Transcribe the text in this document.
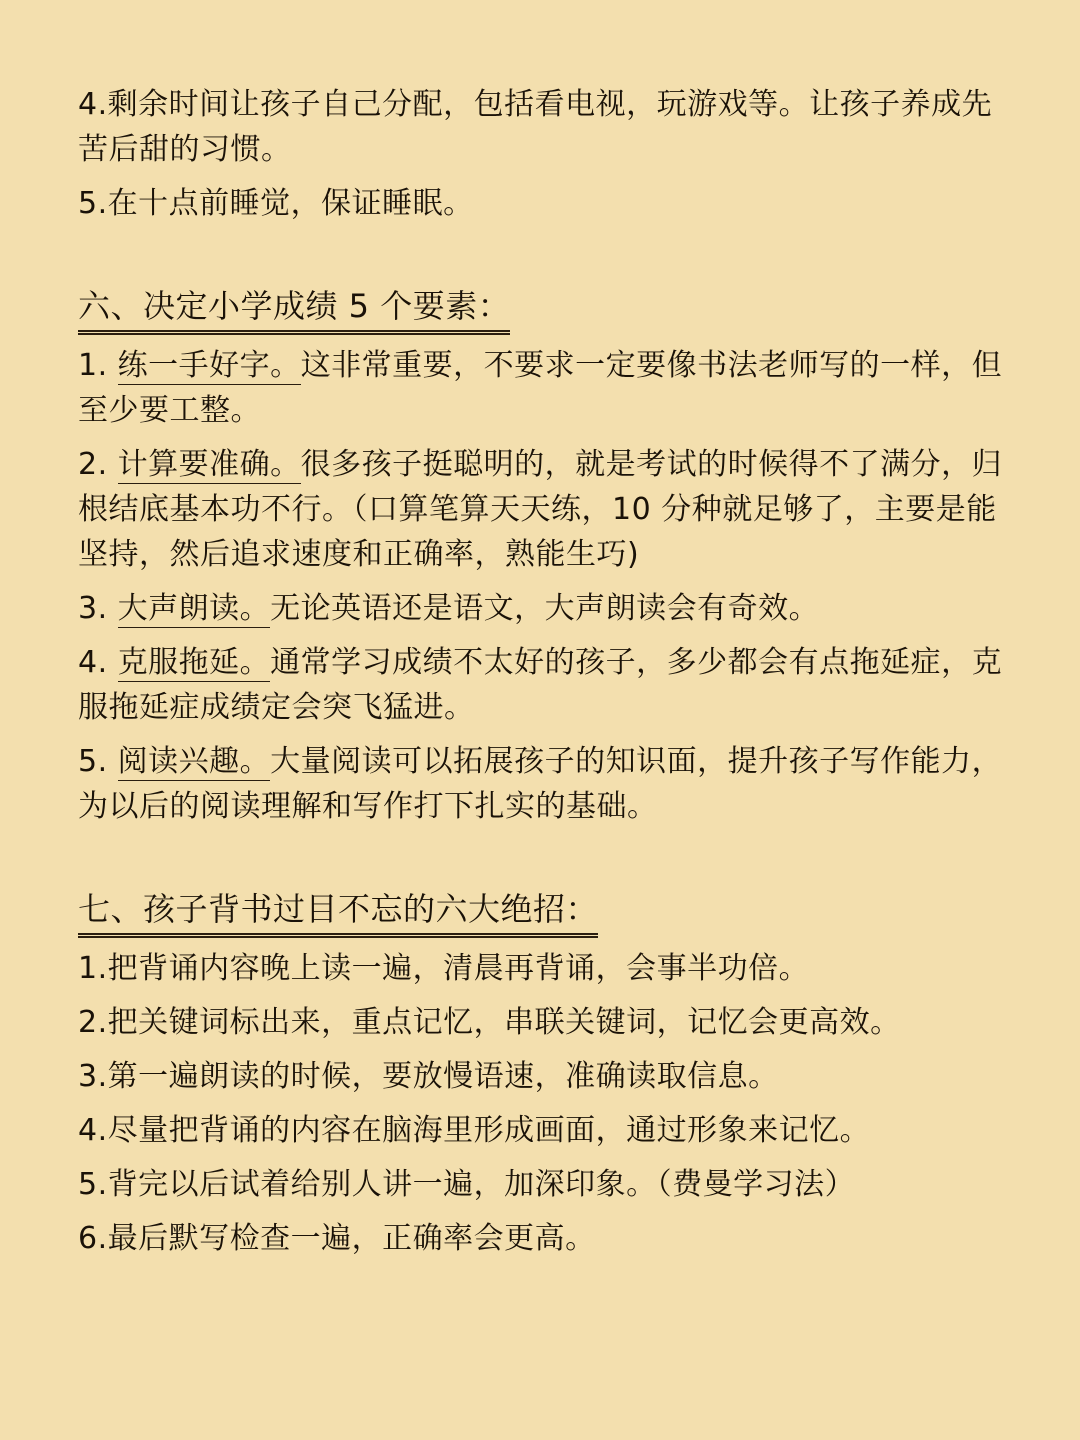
4.剩余时间让孩子自己分配，包括看电视，玩游戏等。让孩子养成先苦后甜的习惯。

5.在十点前睡觉，保证睡眠。

六、决定小学成绩 5 个要素：

1. 练一手好字。这非常重要，不要求一定要像书法老师写的一样，但至少要工整。

2. 计算要准确。很多孩子挺聪明的，就是考试的时候得不了满分，归根结底基本功不行。（口算笔算天天练，10 分种就足够了，主要是能坚持，然后追求速度和正确率，熟能生巧)

3. 大声朗读。无论英语还是语文，大声朗读会有奇效。

4. 克服拖延。通常学习成绩不太好的孩子，多少都会有点拖延症，克服拖延症成绩定会突飞猛进。

5. 阅读兴趣。大量阅读可以拓展孩子的知识面，提升孩子写作能力，为以后的阅读理解和写作打下扎实的基础。

七、孩子背书过目不忘的六大绝招：

1.把背诵内容晚上读一遍，清晨再背诵，会事半功倍。

2.把关键词标出来，重点记忆，串联关键词，记忆会更高效。

3.第一遍朗读的时候，要放慢语速，准确读取信息。

4.尽量把背诵的内容在脑海里形成画面，通过形象来记忆。

5.背完以后试着给别人讲一遍，加深印象。（费曼学习法）

6.最后默写检查一遍，正确率会更高。
